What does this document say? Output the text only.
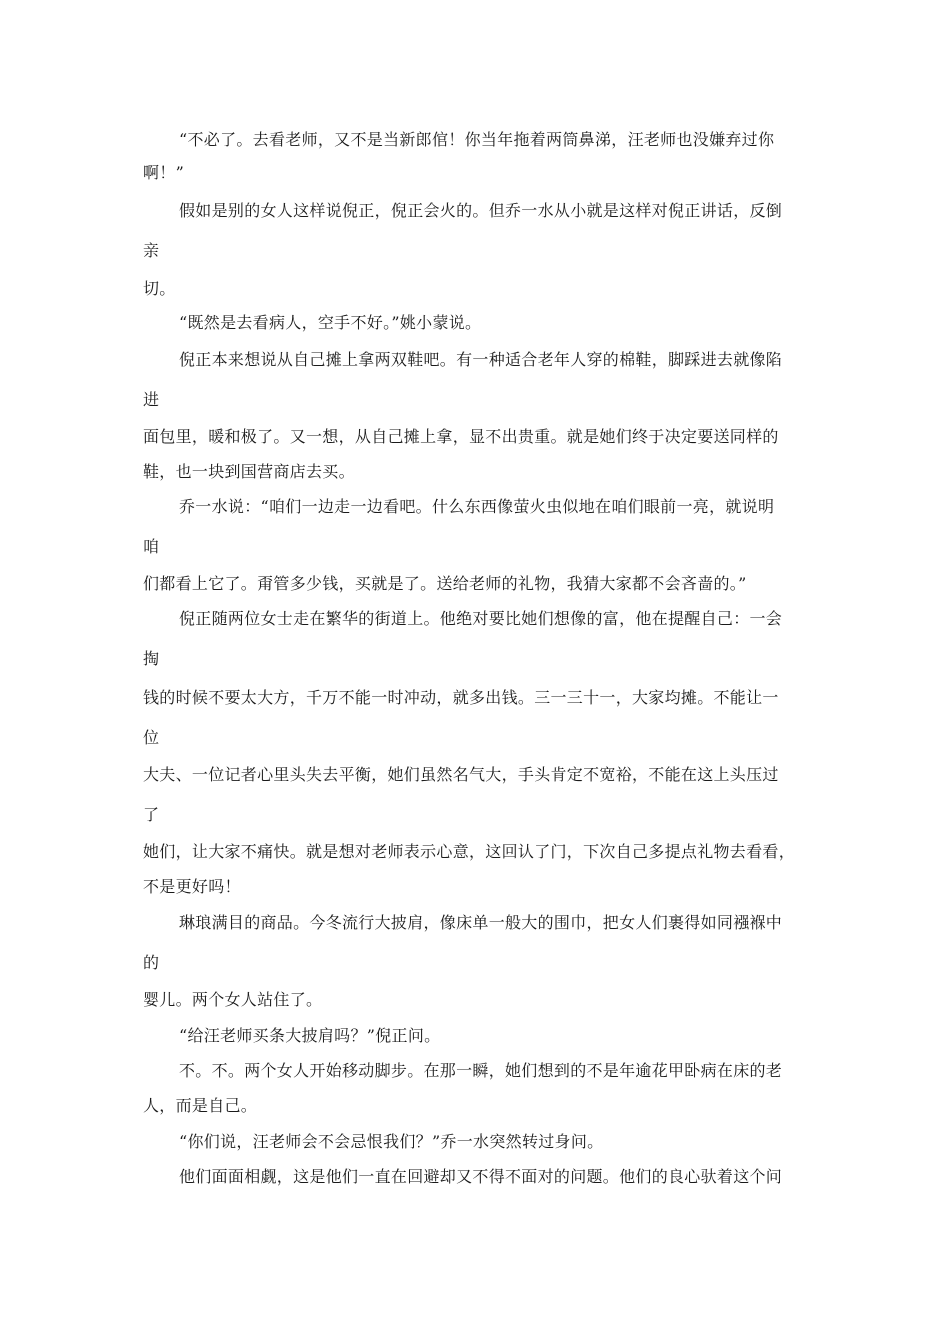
“不必了。去看老师，又不是当新郎倌！你当年拖着两筒鼻涕，汪老师也没嫌弃过你
啊！”
假如是别的女人这样说倪正，倪正会火的。但乔一水从小就是这样对倪正讲话，反倒
亲
切。
“既然是去看病人，空手不好。”姚小蒙说。
倪正本来想说从自己摊上拿两双鞋吧。有一种适合老年人穿的棉鞋，脚踩进去就像陷
进
面包里，暖和极了。又一想，从自己摊上拿，显不出贵重。就是她们终于决定要送同样的
鞋，也一块到国营商店去买。
乔一水说：“咱们一边走一边看吧。什么东西像萤火虫似地在咱们眼前一亮，就说明
咱
们都看上它了。甭管多少钱，买就是了。送给老师的礼物，我猜大家都不会吝啬的。”
倪正随两位女士走在繁华的街道上。他绝对要比她们想像的富，他在提醒自己：一会
掏
钱的时候不要太大方，千万不能一时冲动，就多出钱。三一三十一，大家均摊。不能让一
位
大夫、一位记者心里头失去平衡，她们虽然名气大，手头肯定不宽裕，不能在这上头压过
了
她们，让大家不痛快。就是想对老师表示心意，这回认了门，下次自己多提点礼物去看看，
不是更好吗！
琳琅满目的商品。今冬流行大披肩，像床单一般大的围巾，把女人们裹得如同襁褓中
的
婴儿。两个女人站住了。
“给汪老师买条大披肩吗？”倪正问。
不。不。两个女人开始移动脚步。在那一瞬，她们想到的不是年逾花甲卧病在床的老
人，而是自己。
“你们说，汪老师会不会忌恨我们？”乔一水突然转过身问。
他们面面相觑，这是他们一直在回避却又不得不面对的问题。他们的良心驮着这个问
